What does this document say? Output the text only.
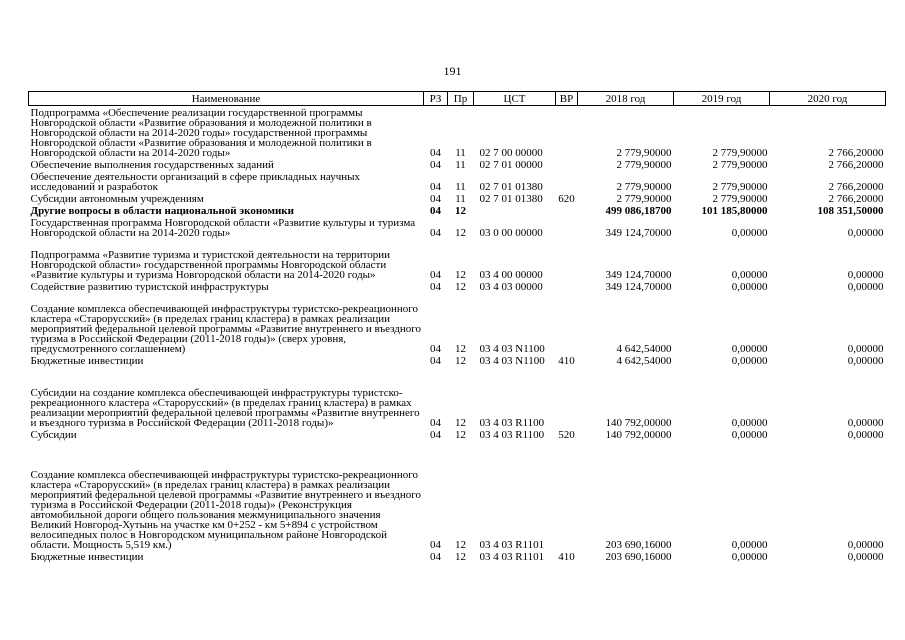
191
Наименование	РЗ	Пр	ЦСТ	ВР	2018 год	2019 год	2020 год
Подпрограмма «Обеспечение реализации государственной программы Новгородской области «Развитие образования и молодежной политики в Новгородской области на 2014-2020 годы» государственной программы Новгородской области «Развитие образования и молодежной политики в Новгородской области на 2014-2020 годы»	04	11	02 7 00 00000		2 779,90000	2 779,90000	2 766,20000
Обеспечение выполнения государственных заданий	04	11	02 7 01 00000		2 779,90000	2 779,90000	2 766,20000
Обеспечение деятельности организаций в сфере прикладных научных исследований и разработок	04	11	02 7 01 01380		2 779,90000	2 779,90000	2 766,20000
Субсидии автономным учреждениям	04	11	02 7 01 01380	620	2 779,90000	2 779,90000	2 766,20000
Другие вопросы в области национальной экономики	04	12			499 086,18700	101 185,80000	108 351,50000
Государственная программа Новгородской области «Развитие культуры и туризма Новгородской области на 2014-2020 годы»	04	12	03 0 00 00000		349 124,70000	0,00000	0,00000
Подпрограмма «Развитие туризма и туристской деятельности на территории Новгородской области» государственной программы Новгородской области «Развитие культуры и туризма Новгородской области на 2014-2020 годы»	04	12	03 4 00 00000		349 124,70000	0,00000	0,00000
Содействие развитию туристской инфраструктуры	04	12	03 4 03 00000		349 124,70000	0,00000	0,00000
Создание комплекса обеспечивающей инфраструктуры туристско-рекреационного кластера «Старорусский» (в пределах границ кластера) в рамках реализации мероприятий федеральной целевой программы «Развитие внутреннего и въездного туризма в Российской Федерации (2011-2018 годы)» (сверх уровня, предусмотренного соглашением)	04	12	03 4 03 N1100		4 642,54000	0,00000	0,00000
Бюджетные инвестиции	04	12	03 4 03 N1100	410	4 642,54000	0,00000	0,00000
Субсидии на создание комплекса обеспечивающей инфраструктуры туристско-рекреационного кластера «Старорусский» (в пределах границ кластера) в рамках реализации мероприятий федеральной целевой программы «Развитие внутреннего и въездного туризма в Российской Федерации (2011-2018 годы)»	04	12	03 4 03 R1100		140 792,00000	0,00000	0,00000
Субсидии	04	12	03 4 03 R1100	520	140 792,00000	0,00000	0,00000
Создание комплекса обеспечивающей инфраструктуры туристско-рекреационного кластера «Старорусский» (в пределах границ кластера) в рамках реализации мероприятий федеральной целевой программы «Развитие внутреннего и въездного туризма в Российской Федерации (2011-2018 годы)» (Реконструкция автомобильной дороги общего пользования межмуниципального значения Великий Новгород-Хутынь на участке км 0+252 - км 5+894 с устройством велосипедных полос в Новгородском муниципальном районе Новгородской области. Мощность 5,519 км.)	04	12	03 4 03 R1101		203 690,16000	0,00000	0,00000
Бюджетные инвестиции	04	12	03 4 03 R1101	410	203 690,16000	0,00000	0,00000
